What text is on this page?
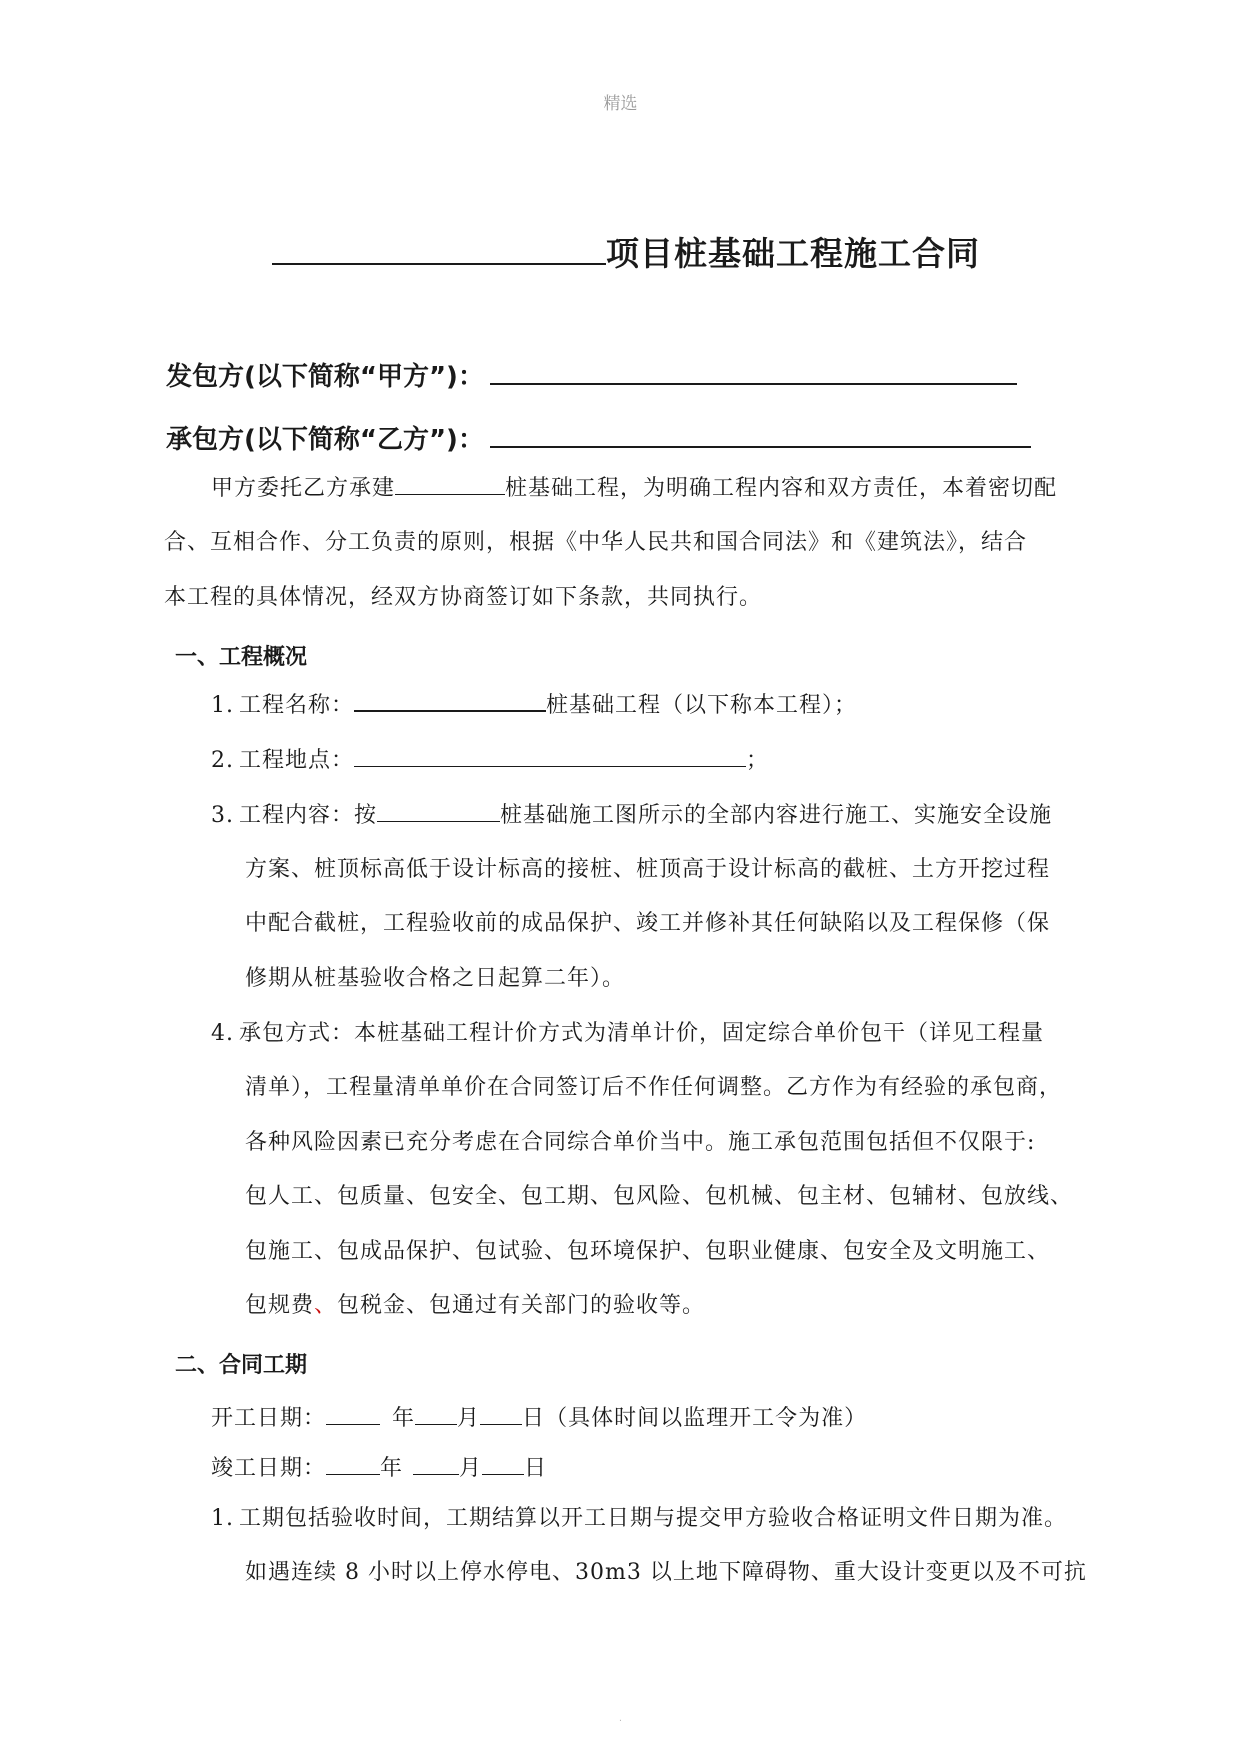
精选
项目桩基础工程施工合同
发包方(以下简称“甲方”)：
承包方(以下简称“乙方”)：
甲方委托乙方承建	桩基础工程，为明确工程内容和双方责任，本着密切配
合、互相合作、分工负责的原则，根据《中华人民共和国合同法》和《建筑法》，结合
本工程的具体情况，经双方协商签订如下条款，共同执行。
一、工程概况
1. 工程名称：	桩基础工程（以下称本工程）；
2. 工程地点：	；
3. 工程内容：按	桩基础施工图所示的全部内容进行施工、实施安全设施
方案、桩顶标高低于设计标高的接桩、桩顶高于设计标高的截桩、土方开挖过程
中配合截桩，工程验收前的成品保护、竣工并修补其任何缺陷以及工程保修（保
修期从桩基验收合格之日起算二年）。
4. 承包方式：本桩基础工程计价方式为清单计价，固定综合单价包干（详见工程量
清单），工程量清单单价在合同签订后不作任何调整。乙方作为有经验的承包商，
各种风险因素已充分考虑在合同综合单价当中。施工承包范围包括但不仅限于:
包人工、包质量、包安全、包工期、包风险、包机械、包主材、包辅材、包放线、
包施工、包成品保护、包试验、包环境保护、包职业健康、包安全及文明施工、
包规费、包税金、包通过有关部门的验收等。
二、合同工期
开工日期：	年 月 日（具体时间以监理开工令为准）
竣工日期： 年	月 日
1. 工期包括验收时间，工期结算以开工日期与提交甲方验收合格证明文件日期为准。
如遇连续 8 小时以上停水停电、30m3 以上地下障碍物、重大设计变更以及不可抗
.
